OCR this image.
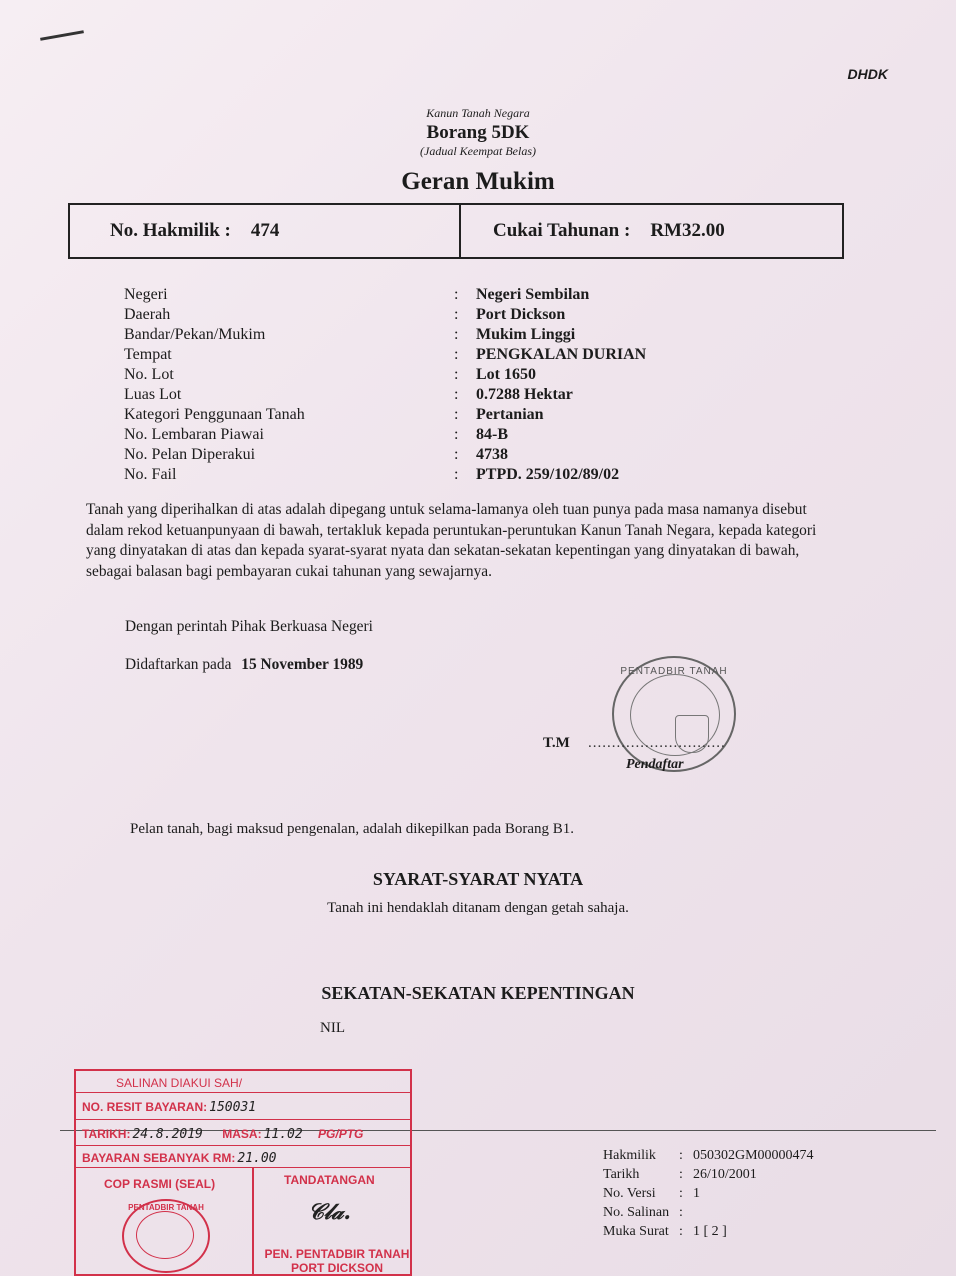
DHDK
Kanun Tanah Negara
Borang 5DK
(Jadual Keempat Belas)
Geran Mukim
No. Hakmilik : 474	Cukai Tahunan : RM32.00
Negeri	:	Negeri Sembilan
Daerah	:	Port Dickson
Bandar/Pekan/Mukim	:	Mukim Linggi
Tempat	:	PENGKALAN DURIAN
No. Lot	:	Lot 1650
Luas Lot	:	0.7288 Hektar
Kategori Penggunaan Tanah	:	Pertanian
No. Lembaran Piawai	:	84-B
No. Pelan Diperakui	:	4738
No. Fail	:	PTPD. 259/102/89/02
Tanah yang diperihalkan di atas adalah dipegang untuk selama-lamanya oleh tuan punya pada masa namanya disebut dalam rekod ketuanpunyaan di bawah, tertakluk kepada peruntukan-peruntukan Kanun Tanah Negara, kepada kategori yang dinyatakan di atas dan kepada syarat-syarat nyata dan sekatan-sekatan kepentingan yang dinyatakan di bawah, sebagai balasan bagi pembayaran cukai tahunan yang sewajarnya.
Dengan perintah Pihak Berkuasa Negeri
Didaftarkan pada 15 November 1989	PENTADBIR TANAH
T.M .............................
Pendaftar
Pelan tanah, bagi maksud pengenalan, adalah dikepilkan pada Borang B1.
SYARAT-SYARAT NYATA
Tanah ini hendaklah ditanam dengan getah sahaja.
SEKATAN-SEKATAN KEPENTINGAN
NIL
SALINAN DIAKUI SAH/
NO. RESIT BAYARAN: 150031
TARIKH: 24.8.2019 MASA: 11.02 PG/PTG
BAYARAN SEBANYAK RM: 21.00
COP RASMI (SEAL)	TANDATANGAN
PENTADBIR TANAH	𝒞𝓁𝒶.
PEN. PENTADBIR TANAH
PORT DICKSON
Hakmilik	: 050302GM00000474
Tarikh	: 26/10/2001
No. Versi	: 1
No. Salinan :
Muka Surat : 1 [ 2 ]
